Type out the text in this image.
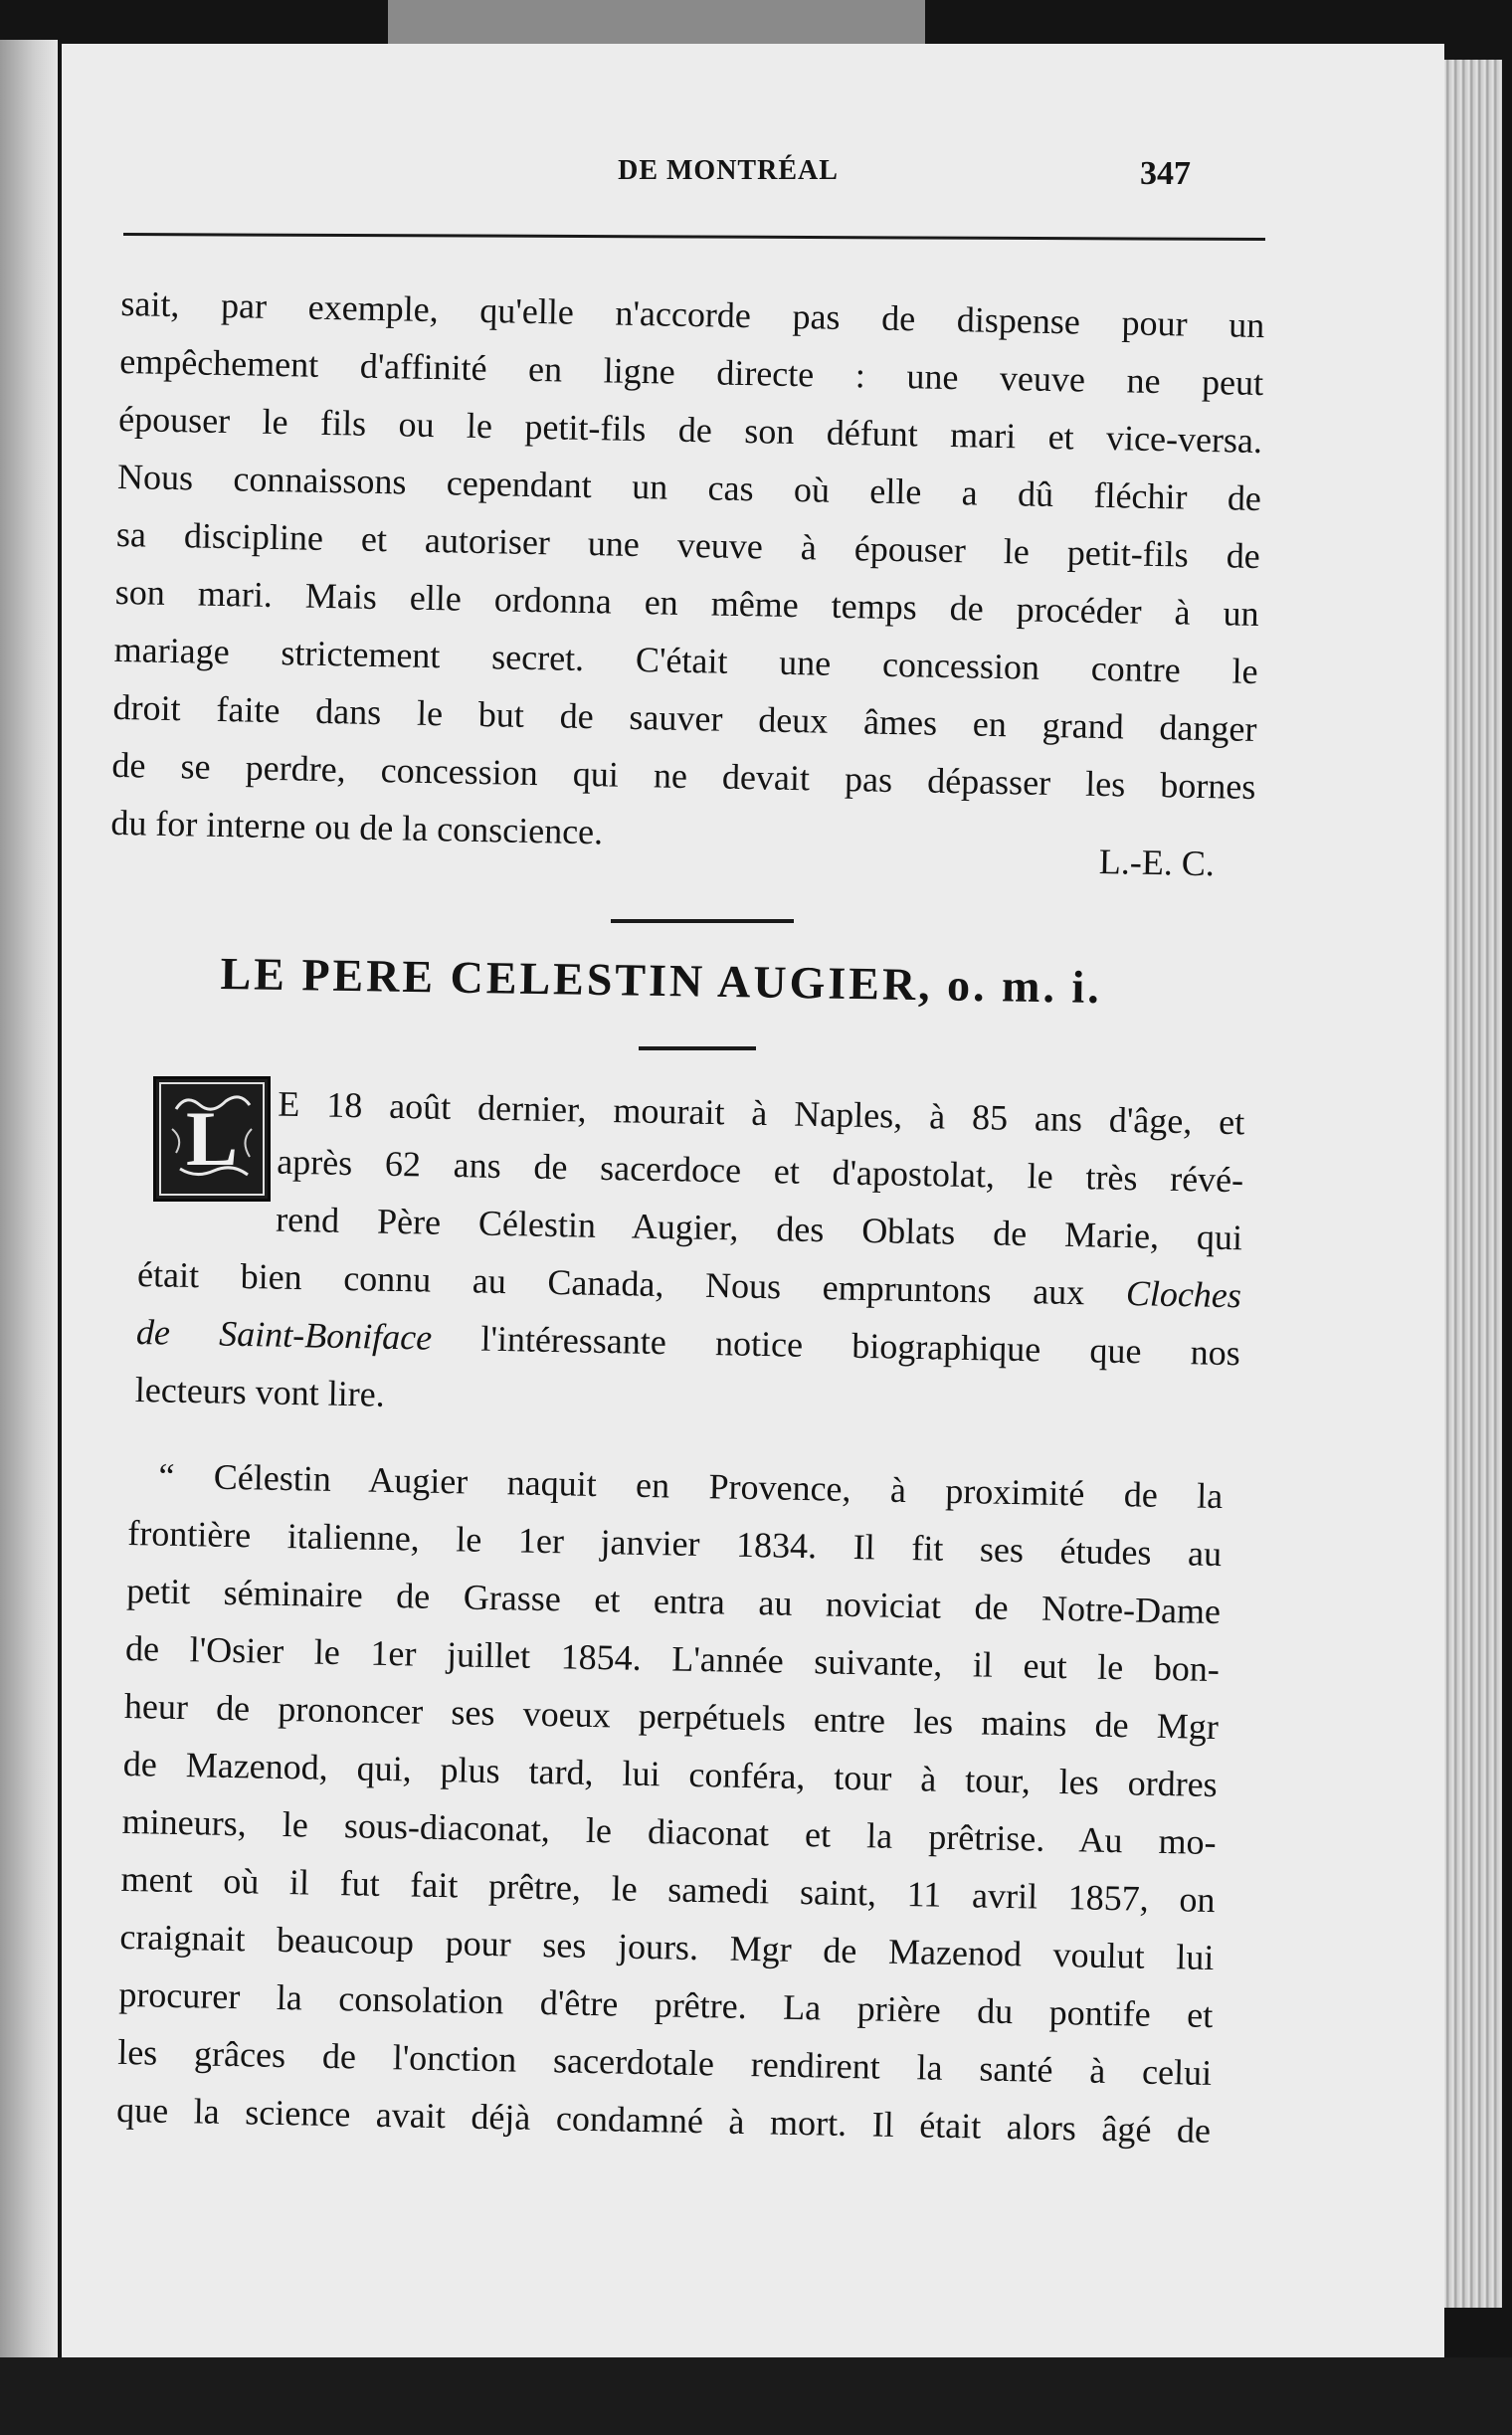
DE MONTRÉAL	347
sait, par exemple, qu'elle n'accorde pas de dispense pour un
empêchement d'affinité en ligne directe : une veuve ne peut
épouser le fils ou le petit-fils de son défunt mari et vice-versa.
Nous connaissons cependant un cas où elle a dû fléchir de
sa discipline et autoriser une veuve à épouser le petit-fils de
son mari. Mais elle ordonna en même temps de procéder à un
mariage strictement secret. C'était une concession contre le
droit faite dans le but de sauver deux âmes en grand danger
de se perdre, concession qui ne devait pas dépasser les bornes
du for interne ou de la conscience.
L.-E. C.
LE PERE CELESTIN AUGIER, o. m. i.
L	E 18 août dernier, mourait à Naples, à 85 ans d'âge, et
après 62 ans de sacerdoce et d'apostolat, le très révé-
rend Père Célestin Augier, des Oblats de Marie, qui
était bien connu au Canada, Nous empruntons aux Cloches
de Saint-Boniface l'intéressante notice biographique que nos
lecteurs vont lire.
“ Célestin Augier naquit en Provence, à proximité de la
frontière italienne, le 1er janvier 1834. Il fit ses études au
petit séminaire de Grasse et entra au noviciat de Notre-Dame
de l'Osier le 1er juillet 1854. L'année suivante, il eut le bon-
heur de prononcer ses voeux perpétuels entre les mains de Mgr
de Mazenod, qui, plus tard, lui conféra, tour à tour, les ordres
mineurs, le sous-diaconat, le diaconat et la prêtrise. Au mo-
ment où il fut fait prêtre, le samedi saint, 11 avril 1857, on
craignait beaucoup pour ses jours. Mgr de Mazenod voulut lui
procurer la consolation d'être prêtre. La prière du pontife et
les grâces de l'onction sacerdotale rendirent la santé à celui
que la science avait déjà condamné à mort. Il était alors âgé de
